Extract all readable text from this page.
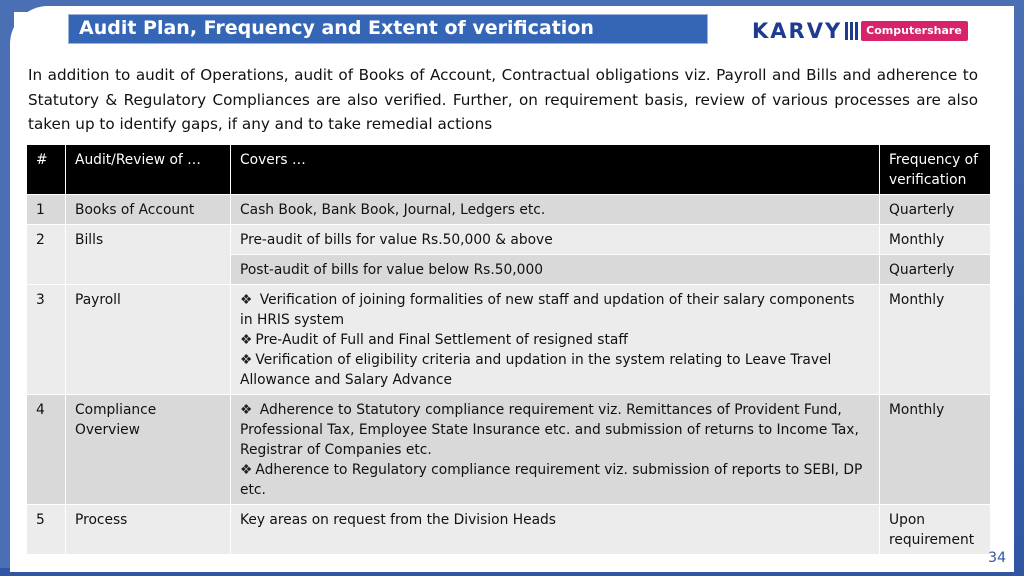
Audit Plan, Frequency and Extent of verification	KARVY	Computershare
In addition to audit of Operations, audit of Books of Account, Contractual obligations viz. Payroll and Bills and adherence to Statutory & Regulatory Compliances are also verified. Further, on requirement basis, review of various processes are also taken up to identify gaps, if any and to take remedial actions
#	Audit/Review of …	Covers …	Frequency of verification
1	Books of Account	Cash Book, Bank Book, Journal, Ledgers etc.	Quarterly
2	Bills	Pre-audit of bills for value Rs.50,000 & above	Monthly
		Post-audit of bills for value below Rs.50,000	Quarterly
3	Payroll	❖ Verification of joining formalities of new staff and updation of their salary components in HRIS system
❖ Pre-Audit of Full and Final Settlement of resigned staff
❖ Verification of eligibility criteria and updation in the system relating to Leave Travel Allowance and Salary Advance	Monthly
4	Compliance Overview	❖ Adherence to Statutory compliance requirement viz. Remittances of Provident Fund, Professional Tax, Employee State Insurance etc. and submission of returns to Income Tax, Registrar of Companies etc.
❖ Adherence to Regulatory compliance requirement viz. submission of reports to SEBI, DP etc.	Monthly
5	Process	Key areas on request from the Division Heads	Upon requirement
34
